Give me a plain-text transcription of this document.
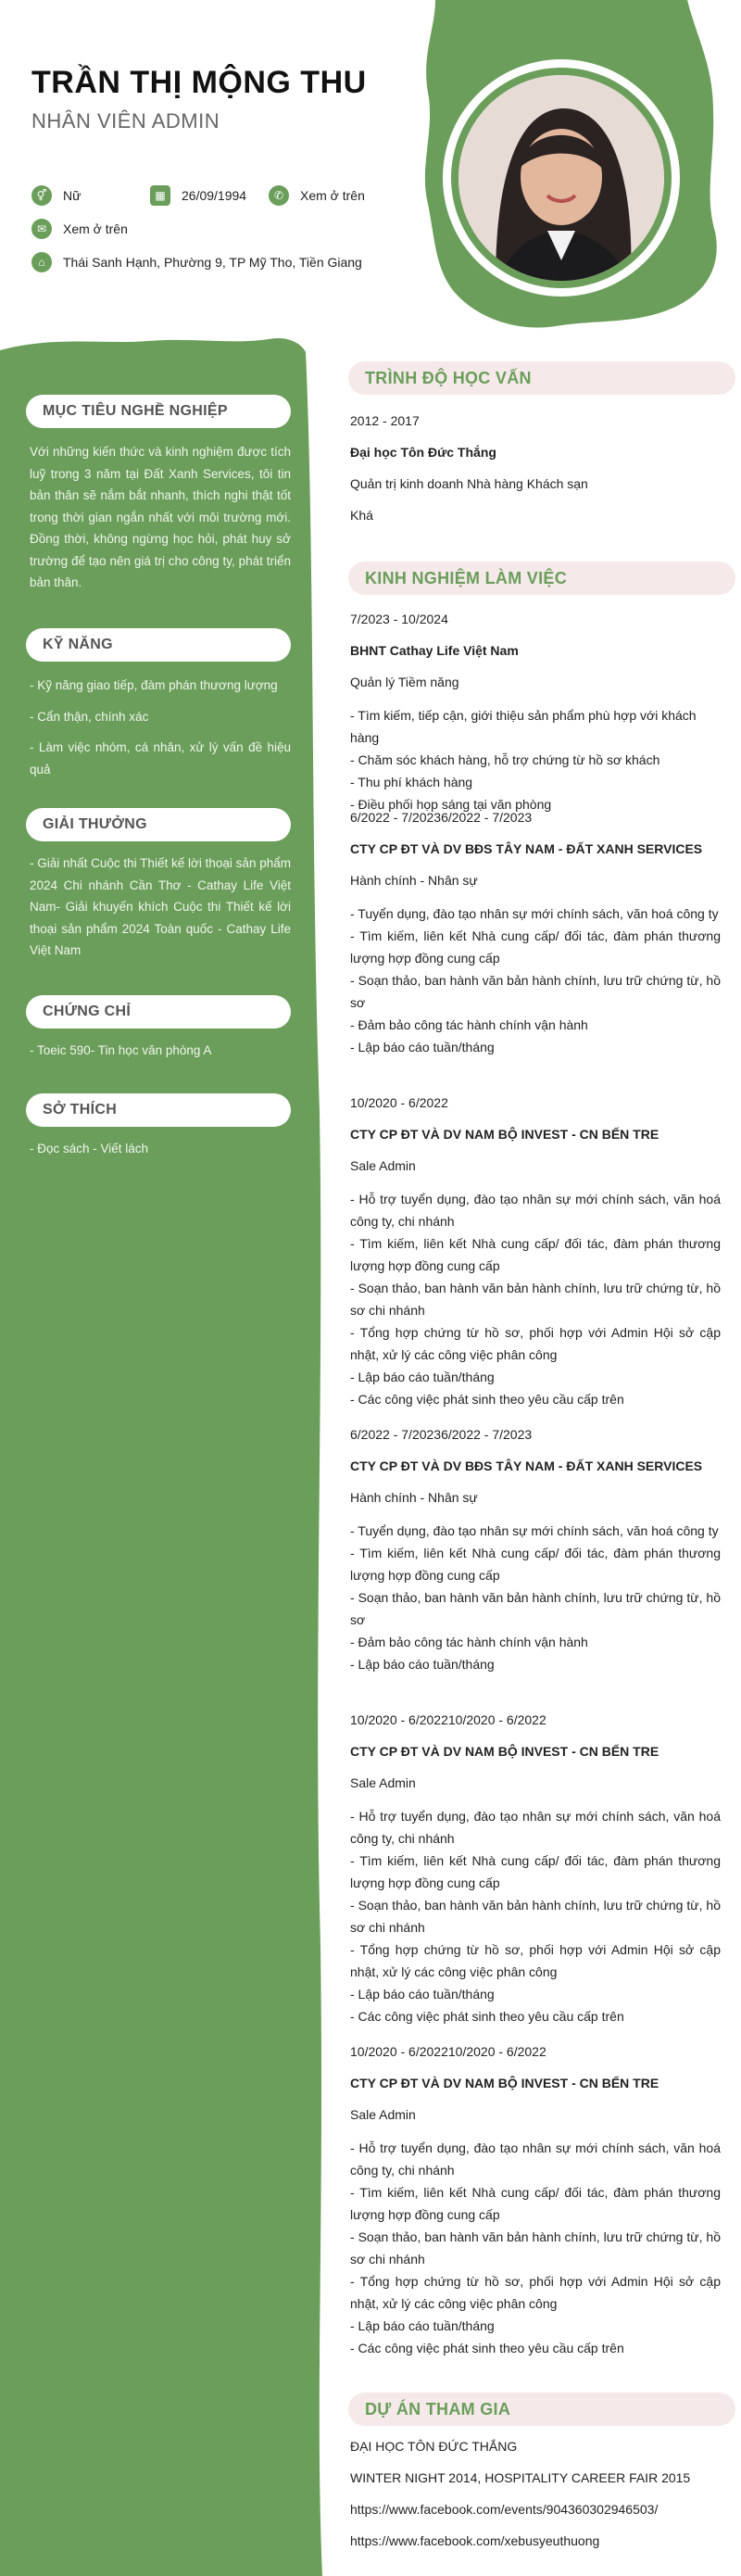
TRẦN THỊ MỘNG THU
NHÂN VIÊN ADMIN
⚥	Nữ	▦	26/09/1994	✆	Xem ở trên
✉	Xem ở trên
⌂	Thái Sanh Hạnh, Phường 9, TP Mỹ Tho, Tiền Giang
MỤC TIÊU NGHỀ NGHIỆP
Với những kiến thức và kinh nghiệm được tích luỹ trong 3 năm tại Đất Xanh Services, tôi tin bản thân sẽ nắm bắt nhanh, thích nghi thật tốt trong thời gian ngắn nhất với môi trường mới. Đồng thời, không ngừng học hỏi, phát huy sở trường để tạo nên giá trị cho công ty, phát triển bản thân.
KỸ NĂNG
- Kỹ năng giao tiếp, đàm phán thương lượng
- Cẩn thận, chính xác
- Làm việc nhóm, cá nhân, xử lý vấn đề hiệu quả
GIẢI THƯỞNG
- Giải nhất Cuộc thi Thiết kế lời thoại sản phẩm 2024 Chi nhánh Cần Thơ - Cathay Life Việt Nam- Giải khuyến khích Cuộc thi Thiết kế lời thoại sản phẩm 2024 Toàn quốc - Cathay Life Việt Nam
CHỨNG CHỈ
- Toeic 590- Tin học văn phòng A
SỞ THÍCH
- Đọc sách - Viết lách
TRÌNH ĐỘ HỌC VẤN
2012 - 2017
Đại học Tôn Đức Thắng
Quản trị kinh doanh Nhà hàng Khách sạn
Khá
KINH NGHIỆM LÀM VIỆC
7/2023 - 10/2024
BHNT Cathay Life Việt Nam
Quản lý Tiềm năng
- Tìm kiếm, tiếp cận, giới thiệu sản phẩm phù hợp với khách hàng
- Chăm sóc khách hàng, hỗ trợ chứng từ hồ sơ khách
- Thu phí khách hàng
- Điều phối họp sáng tại văn phòng
6/2022 - 7/20236/2022 - 7/2023
CTY CP ĐT VÀ DV BĐS TÂY NAM - ĐẤT XANH SERVICES
Hành chính - Nhân sự
- Tuyển dụng, đào tạo nhân sự mới chính sách, văn hoá công ty
- Tìm kiếm, liên kết Nhà cung cấp/ đối tác, đàm phán thương lượng hợp đồng cung cấp
- Soạn thảo, ban hành văn bản hành chính, lưu trữ chứng từ, hồ sơ
- Đảm bảo công tác hành chính vận hành
- Lập báo cáo tuần/tháng
10/2020 - 6/2022
CTY CP ĐT VÀ DV NAM BỘ INVEST - CN BẾN TRE
Sale Admin
- Hỗ trợ tuyển dụng, đào tạo nhân sự mới chính sách, văn hoá công ty, chi nhánh
- Tìm kiếm, liên kết Nhà cung cấp/ đối tác, đàm phán thương lượng hợp đồng cung cấp
- Soạn thảo, ban hành văn bản hành chính, lưu trữ chứng từ, hồ sơ chi nhánh
- Tổng hợp chứng từ hồ sơ, phối hợp với Admin Hội sở cập nhật, xử lý các công việc phân công
- Lập báo cáo tuần/tháng
- Các công việc phát sinh theo yêu cầu cấp trên
6/2022 - 7/20236/2022 - 7/2023
CTY CP ĐT VÀ DV BĐS TÂY NAM - ĐẤT XANH SERVICES
Hành chính - Nhân sự
- Tuyển dụng, đào tạo nhân sự mới chính sách, văn hoá công ty
- Tìm kiếm, liên kết Nhà cung cấp/ đối tác, đàm phán thương lượng hợp đồng cung cấp
- Soạn thảo, ban hành văn bản hành chính, lưu trữ chứng từ, hồ sơ
- Đảm bảo công tác hành chính vận hành
- Lập báo cáo tuần/tháng
10/2020 - 6/202210/2020 - 6/2022
CTY CP ĐT VÀ DV NAM BỘ INVEST - CN BẾN TRE
Sale Admin
- Hỗ trợ tuyển dụng, đào tạo nhân sự mới chính sách, văn hoá công ty, chi nhánh
- Tìm kiếm, liên kết Nhà cung cấp/ đối tác, đàm phán thương lượng hợp đồng cung cấp
- Soạn thảo, ban hành văn bản hành chính, lưu trữ chứng từ, hồ sơ chi nhánh
- Tổng hợp chứng từ hồ sơ, phối hợp với Admin Hội sở cập nhật, xử lý các công việc phân công
- Lập báo cáo tuần/tháng
- Các công việc phát sinh theo yêu cầu cấp trên
10/2020 - 6/202210/2020 - 6/2022
CTY CP ĐT VÀ DV NAM BỘ INVEST - CN BẾN TRE
Sale Admin
- Hỗ trợ tuyển dụng, đào tạo nhân sự mới chính sách, văn hoá công ty, chi nhánh
- Tìm kiếm, liên kết Nhà cung cấp/ đối tác, đàm phán thương lượng hợp đồng cung cấp
- Soạn thảo, ban hành văn bản hành chính, lưu trữ chứng từ, hồ sơ chi nhánh
- Tổng hợp chứng từ hồ sơ, phối hợp với Admin Hội sở cập nhật, xử lý các công việc phân công
- Lập báo cáo tuần/tháng
- Các công việc phát sinh theo yêu cầu cấp trên
DỰ ÁN THAM GIA
ĐẠI HỌC TÔN ĐỨC THẮNG
WINTER NIGHT 2014, HOSPITALITY CAREER FAIR 2015
https://www.facebook.com/events/904360302946503/
https://www.facebook.com/xebusyeuthuong
